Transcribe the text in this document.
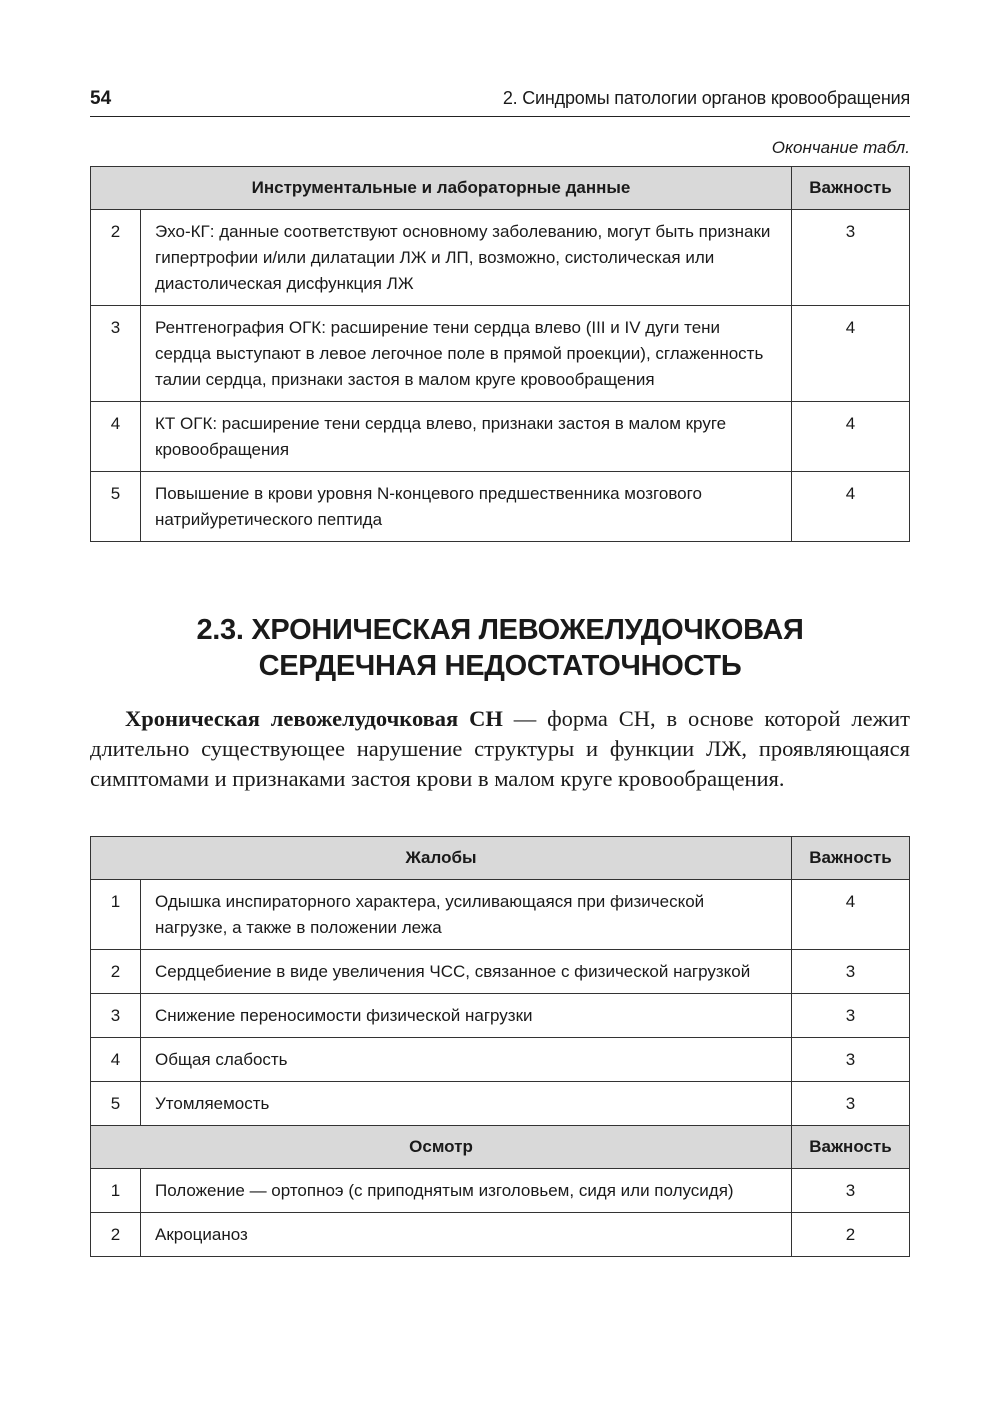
54	2. Синдромы патологии органов кровообращения
Окончание табл.
Инструментальные и лабораторные данные		Важность
2	Эхо-КГ: данные соответствуют основному заболеванию, могут быть признаки гипертрофии и/или дилатации ЛЖ и ЛП, возможно, систолическая или диастолическая дисфункция ЛЖ	3
3	Рентгенография ОГК: расширение тени сердца влево (III и IV дуги тени сердца выступают в левое легочное поле в прямой проекции), сглаженность талии сердца, признаки застоя в малом круге кровообращения	4
4	КТ ОГК: расширение тени сердца влево, признаки застоя в малом круге кровообращения	4
5	Повышение в крови уровня N-концевого предшественника мозгового натрийуретического пептида	4
2.3. ХРОНИЧЕСКАЯ ЛЕВОЖЕЛУДОЧКОВАЯ
СЕРДЕЧНАЯ НЕДОСТАТОЧНОСТЬ

Хроническая левожелудочковая СН — форма СН, в основе которой лежит длительно существующее нарушение структуры и функции ЛЖ, проявляющаяся симптомами и признаками застоя крови в малом круге кровообращения.

Жалобы		Важность
1	Одышка инспираторного характера, усиливающаяся при физической нагрузке, а также в положении лежа	4
2	Сердцебиение в виде увеличения ЧСС, связанное с физической нагрузкой	3
3	Снижение переносимости физической нагрузки	3
4	Общая слабость	3
5	Утомляемость	3
Осмотр		Важность
1	Положение — ортопноэ (с приподнятым изголовьем, сидя или полусидя)	3
2	Акроцианоз	2
